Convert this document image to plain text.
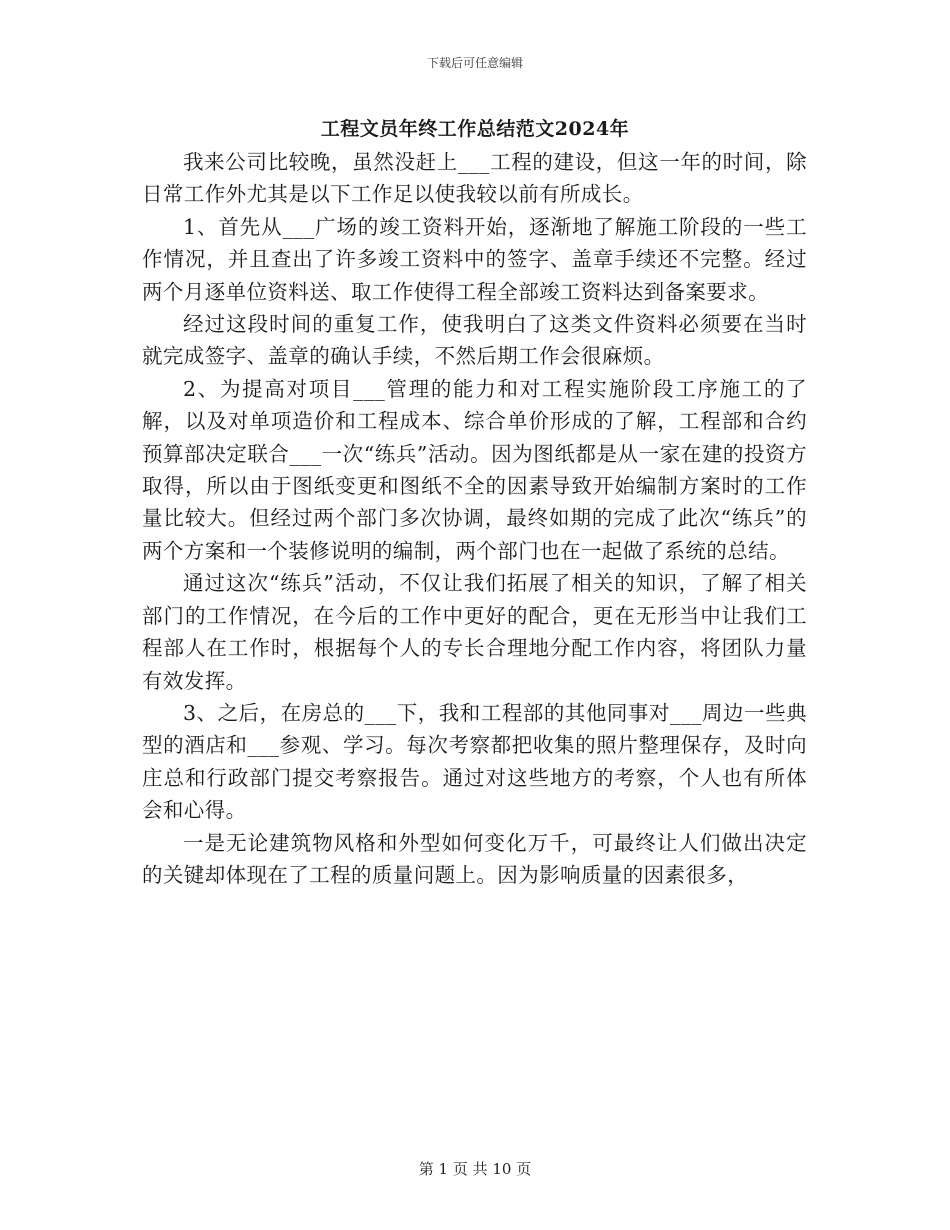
下载后可任意编辑
工程文员年终工作总结范文2024年

我来公司比较晚，虽然没赶上___工程的建设，但这一年的时间，除日常工作外尤其是以下工作足以使我较以前有所成长。

1、首先从___广场的竣工资料开始，逐渐地了解施工阶段的一些工作情况，并且查出了许多竣工资料中的签字、盖章手续还不完整。经过两个月逐单位资料送、取工作使得工程全部竣工资料达到备案要求。

经过这段时间的重复工作，使我明白了这类文件资料必须要在当时就完成签字、盖章的确认手续，不然后期工作会很麻烦。

2、为提高对项目___管理的能力和对工程实施阶段工序施工的了解，以及对单项造价和工程成本、综合单价形成的了解，工程部和合约预算部决定联合___一次“练兵”活动。因为图纸都是从一家在建的投资方取得，所以由于图纸变更和图纸不全的因素导致开始编制方案时的工作量比较大。但经过两个部门多次协调，最终如期的完成了此次“练兵”的两个方案和一个装修说明的编制，两个部门也在一起做了系统的总结。

通过这次“练兵”活动，不仅让我们拓展了相关的知识，了解了相关部门的工作情况，在今后的工作中更好的配合，更在无形当中让我们工程部人在工作时，根据每个人的专长合理地分配工作内容，将团队力量有效发挥。

3、之后，在房总的___下，我和工程部的其他同事对___周边一些典型的酒店和___参观、学习。每次考察都把收集的照片整理保存，及时向庄总和行政部门提交考察报告。通过对这些地方的考察，个人也有所体会和心得。

一是无论建筑物风格和外型如何变化万千，可最终让人们做出决定的关键却体现在了工程的质量问题上。因为影响质量的因素很多，

第 1 页 共 10 页
